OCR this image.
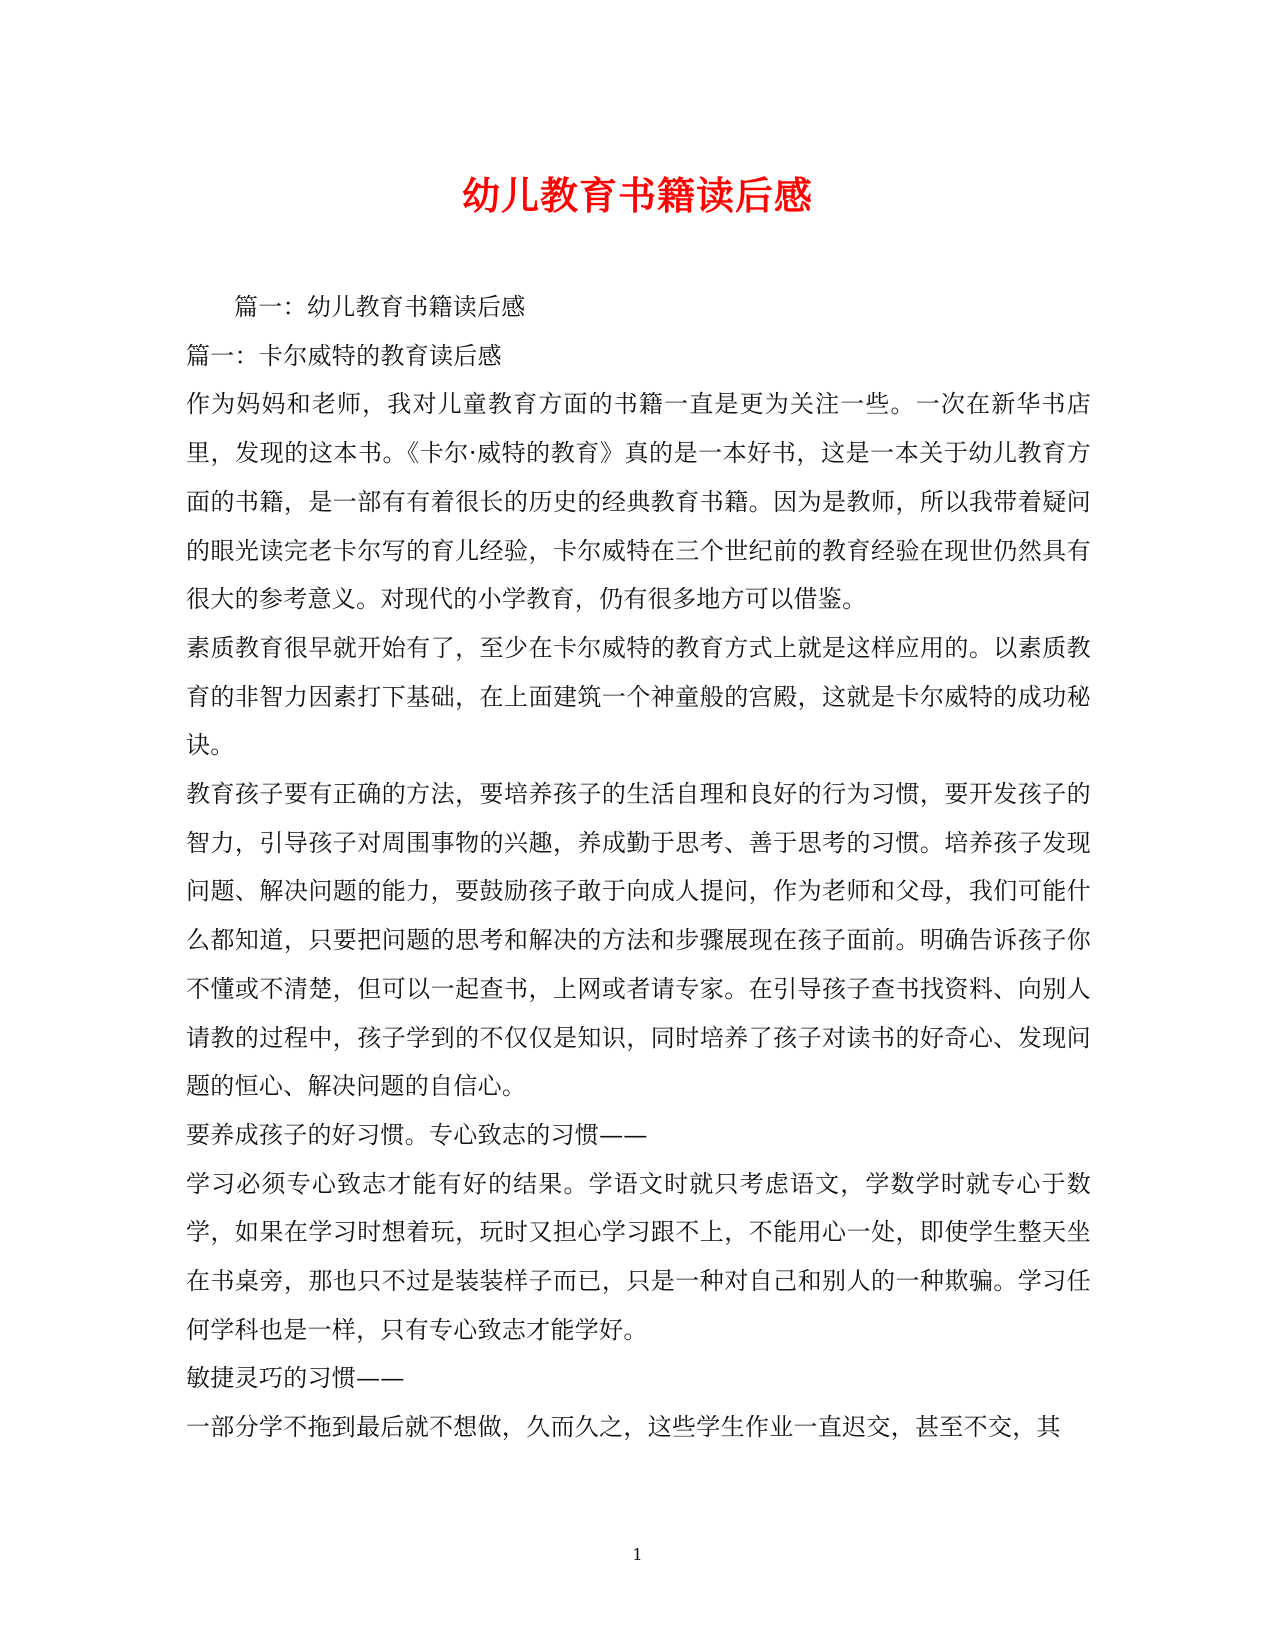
幼儿教育书籍读后感

篇一：幼儿教育书籍读后感

篇一：卡尔威特的教育读后感

作为妈妈和老师，我对儿童教育方面的书籍一直是更为关注一些。一次在新华书店里，发现的这本书。《卡尔·威特的教育》真的是一本好书，这是一本关于幼儿教育方面的书籍，是一部有有着很长的历史的经典教育书籍。因为是教师，所以我带着疑问的眼光读完老卡尔写的育儿经验，卡尔威特在三个世纪前的教育经验在现世仍然具有很大的参考意义。对现代的小学教育，仍有很多地方可以借鉴。

素质教育很早就开始有了，至少在卡尔威特的教育方式上就是这样应用的。以素质教育的非智力因素打下基础，在上面建筑一个神童般的宫殿，这就是卡尔威特的成功秘诀。

教育孩子要有正确的方法，要培养孩子的生活自理和良好的行为习惯，要开发孩子的智力，引导孩子对周围事物的兴趣，养成勤于思考、善于思考的习惯。培养孩子发现问题、解决问题的能力，要鼓励孩子敢于向成人提问，作为老师和父母，我们可能什么都知道，只要把问题的思考和解决的方法和步骤展现在孩子面前。明确告诉孩子你不懂或不清楚，但可以一起查书，上网或者请专家。在引导孩子查书找资料、向别人请教的过程中，孩子学到的不仅仅是知识，同时培养了孩子对读书的好奇心、发现问题的恒心、解决问题的自信心。

要养成孩子的好习惯。专心致志的习惯——

学习必须专心致志才能有好的结果。学语文时就只考虑语文，学数学时就专心于数学，如果在学习时想着玩，玩时又担心学习跟不上，不能用心一处，即使学生整天坐在书桌旁，那也只不过是装装样子而已，只是一种对自己和别人的一种欺骗。学习任何学科也是一样，只有专心致志才能学好。

敏捷灵巧的习惯——

一部分学不拖到最后就不想做，久而久之，这些学生作业一直迟交，甚至不交，其

1
